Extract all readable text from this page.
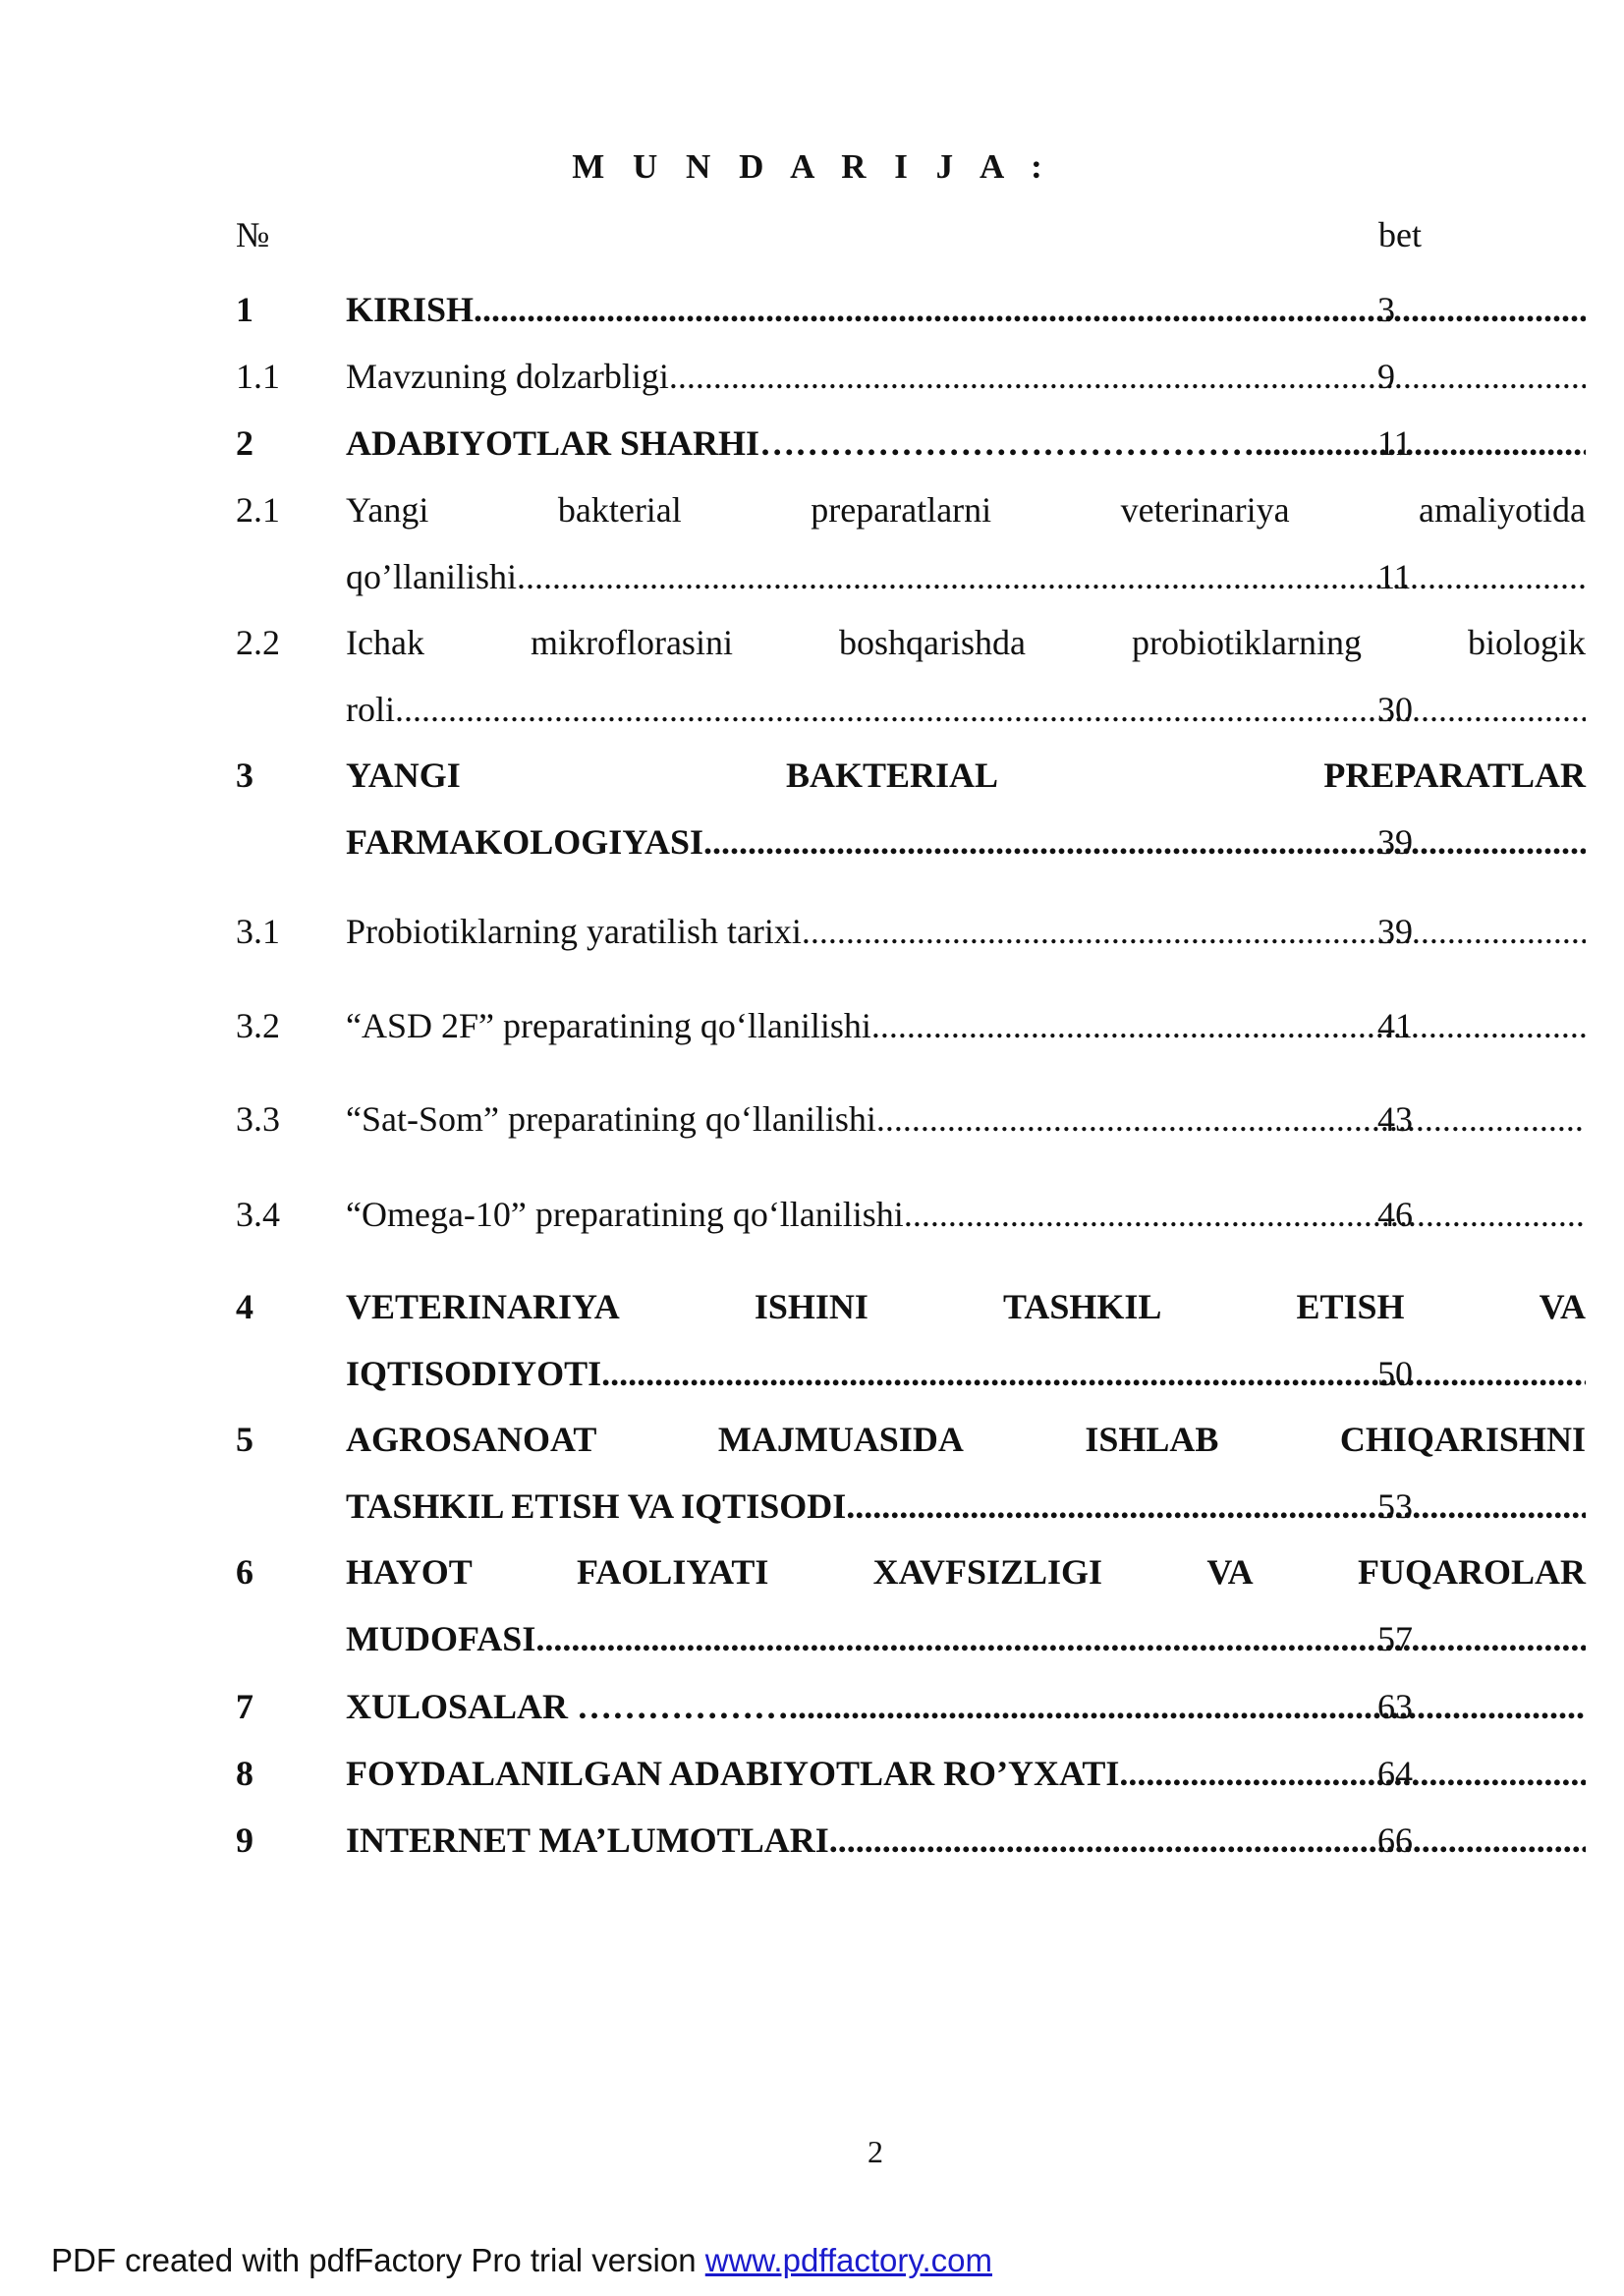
M U N D A R I J A :
№	bet
1	KIRISH .....	3
1.1 Mavzuning dolzarbligi .....	9
2	ADABIYOTLAR SHARHI…………………………………… .....	11
2.1 Yangi	bakterial	preparatlarni	veterinariya	amaliyotida
qo’llanilishi .....	11
2.2 Ichak	mikroflorasini	boshqarishda	probiotiklarning	biologik
roli .....	30
3	YANGI	BAKTERIAL	PREPARATLAR
FARMAKOLOGIYASI .....	39
3.1 Probiotiklarning yaratilish tarixi .....	39
3.2 “ASD 2F” preparatining qo‘llanilishi .....	41
3.3 “Sat-Som” preparatining qo‘llanilishi .....	43
3.4 “Omega-10” preparatining qo‘llanilishi .....	46
4	VETERINARIYA	ISHINI	TASHKIL	ETISH	VA
IQTISODIYOTI .....	50
5	AGROSANOAT	MAJMUASIDA	ISHLAB	CHIQARISHNI
TASHKIL ETISH VA IQTISODI .....	53
6	HAYOT	FAOLIYATI	XAVFSIZLIGI	VA	FUQAROLAR
MUDOFASI .....	57
7	XULOSALAR ……………… .....	63
8	FOYDALANILGAN ADABIYOTLAR RO’YXATI .....	64
9	INTERNET MA’LUMOTLARI .....	66
2
PDF created with pdfFactory Pro trial version www.pdffactory.com
